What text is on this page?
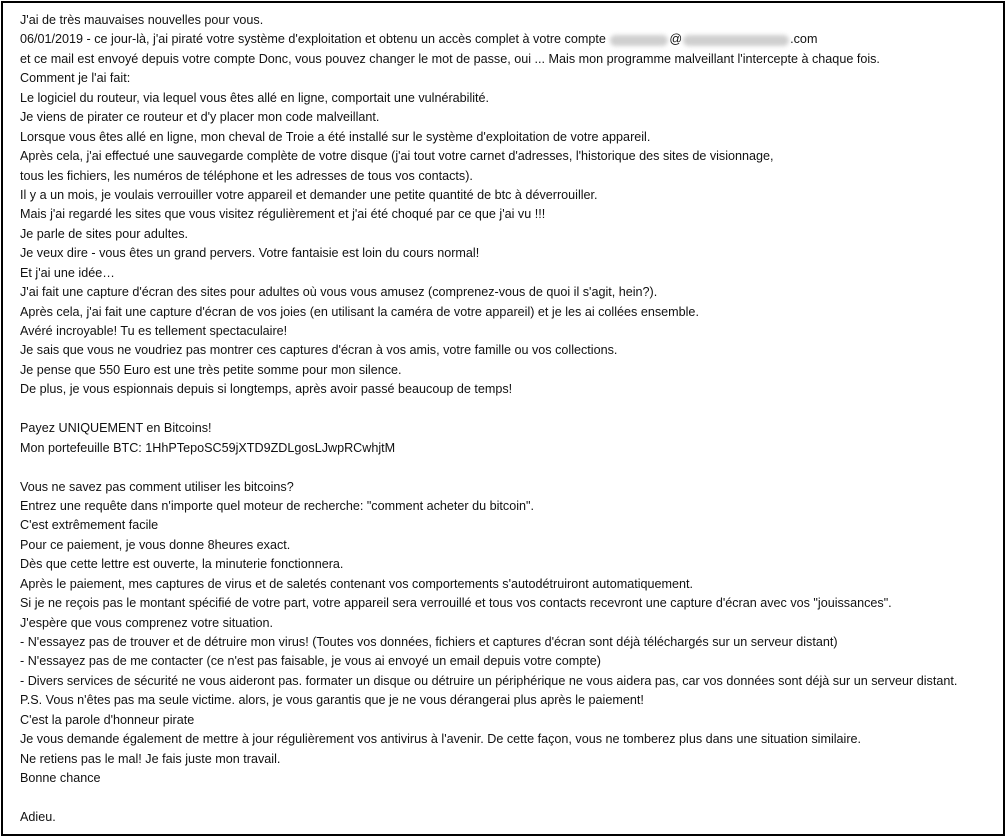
J'ai de très mauvaises nouvelles pour vous.
06/01/2019 - ce jour-là, j'ai piraté votre système d'exploitation et obtenu un accès complet à votre compte	@	.com
et ce mail est envoyé depuis votre compte Donc, vous pouvez changer le mot de passe, oui ... Mais mon programme malveillant l'intercepte à chaque fois.
Comment je l'ai fait:
Le logiciel du routeur, via lequel vous êtes allé en ligne, comportait une vulnérabilité.
Je viens de pirater ce routeur et d'y placer mon code malveillant.
Lorsque vous êtes allé en ligne, mon cheval de Troie a été installé sur le système d'exploitation de votre appareil.
Après cela, j'ai effectué une sauvegarde complète de votre disque (j'ai tout votre carnet d'adresses, l'historique des sites de visionnage,
tous les fichiers, les numéros de téléphone et les adresses de tous vos contacts).
Il y a un mois, je voulais verrouiller votre appareil et demander une petite quantité de btc à déverrouiller.
Mais j'ai regardé les sites que vous visitez régulièrement et j'ai été choqué par ce que j'ai vu !!!
Je parle de sites pour adultes.
Je veux dire - vous êtes un grand pervers. Votre fantaisie est loin du cours normal!
Et j'ai une idée…
J'ai fait une capture d'écran des sites pour adultes où vous vous amusez (comprenez-vous de quoi il s'agit, hein?).
Après cela, j'ai fait une capture d'écran de vos joies (en utilisant la caméra de votre appareil) et je les ai collées ensemble.
Avéré incroyable! Tu es tellement spectaculaire!
Je sais que vous ne voudriez pas montrer ces captures d'écran à vos amis, votre famille ou vos collections.
Je pense que 550 Euro est une très petite somme pour mon silence.
De plus, je vous espionnais depuis si longtemps, après avoir passé beaucoup de temps!
Payez UNIQUEMENT en Bitcoins!
Mon portefeuille BTC: 1HhPTepoSC59jXTD9ZDLgosLJwpRCwhjtM
Vous ne savez pas comment utiliser les bitcoins?
Entrez une requête dans n'importe quel moteur de recherche: "comment acheter du bitcoin".
C'est extrêmement facile
Pour ce paiement, je vous donne 8heures exact.
Dès que cette lettre est ouverte, la minuterie fonctionnera.
Après le paiement, mes captures de virus et de saletés contenant vos comportements s'autodétruiront automatiquement.
Si je ne reçois pas le montant spécifié de votre part, votre appareil sera verrouillé et tous vos contacts recevront une capture d'écran avec vos "jouissances".
J'espère que vous comprenez votre situation.
- N'essayez pas de trouver et de détruire mon virus! (Toutes vos données, fichiers et captures d'écran sont déjà téléchargés sur un serveur distant)
- N'essayez pas de me contacter (ce n'est pas faisable, je vous ai envoyé un email depuis votre compte)
- Divers services de sécurité ne vous aideront pas. formater un disque ou détruire un périphérique ne vous aidera pas, car vos données sont déjà sur un serveur distant.
P.S. Vous n'êtes pas ma seule victime. alors, je vous garantis que je ne vous dérangerai plus après le paiement!
C'est la parole d'honneur pirate
Je vous demande également de mettre à jour régulièrement vos antivirus à l'avenir. De cette façon, vous ne tomberez plus dans une situation similaire.
Ne retiens pas le mal! Je fais juste mon travail.
Bonne chance
Adieu.
